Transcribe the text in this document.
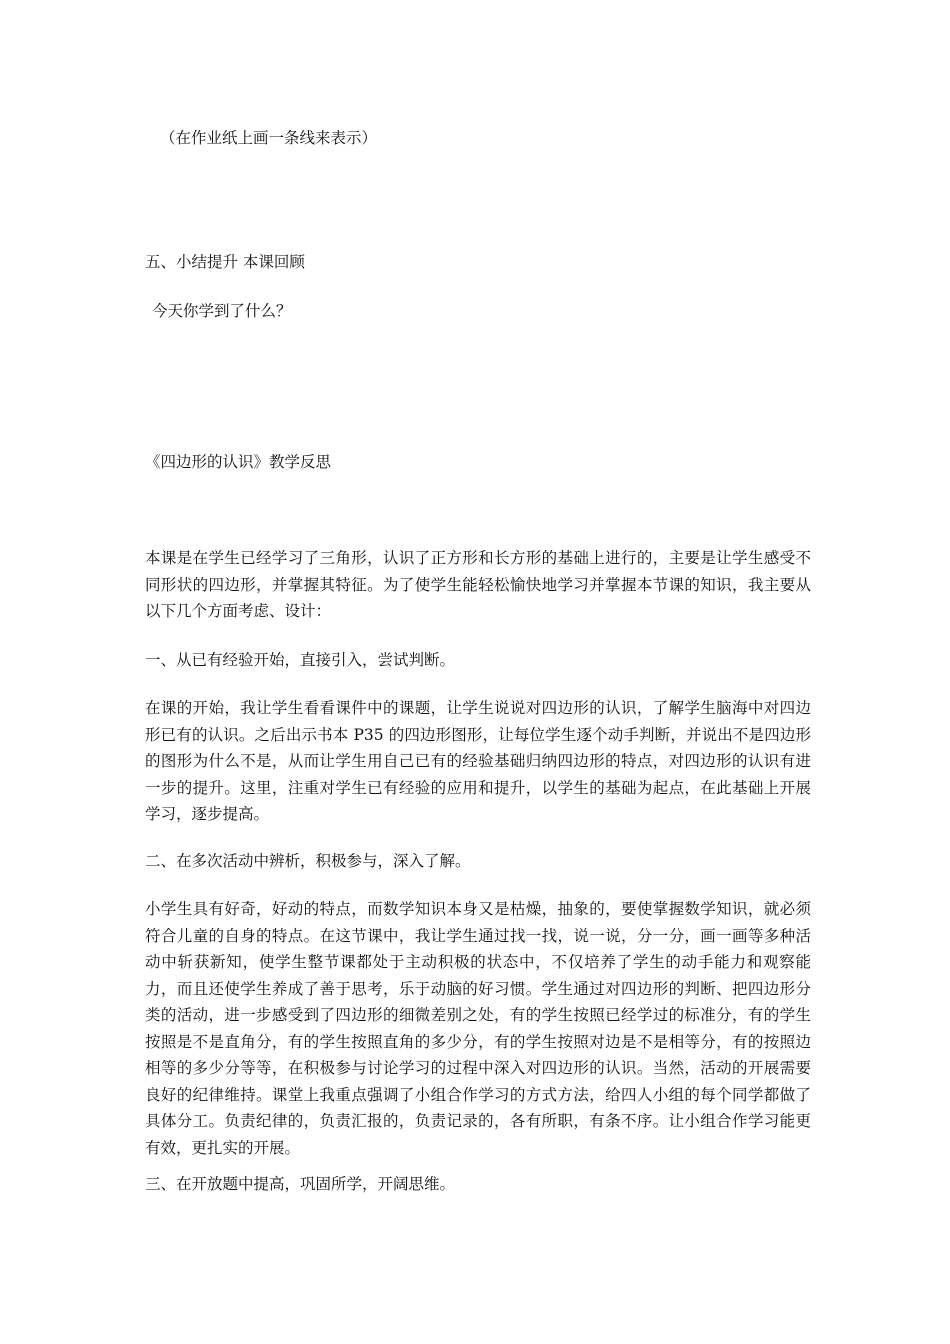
（在作业纸上画一条线来表示）

五、小结提升 本课回顾

今天你学到了什么？

《四边形的认识》教学反思

本课是在学生已经学习了三角形，认识了正方形和长方形的基础上进行的，主要是让学生感受不同形状的四边形，并掌握其特征。为了使学生能轻松愉快地学习并掌握本节课的知识，我主要从以下几个方面考虑、设计：

一、从已有经验开始，直接引入，尝试判断。

在课的开始，我让学生看看课件中的课题，让学生说说对四边形的认识，了解学生脑海中对四边形已有的认识。之后出示书本 P35 的四边形图形，让每位学生逐个动手判断，并说出不是四边形的图形为什么不是，从而让学生用自己已有的经验基础归纳四边形的特点，对四边形的认识有进一步的提升。这里，注重对学生已有经验的应用和提升，以学生的基础为起点，在此基础上开展学习，逐步提高。

二、在多次活动中辨析，积极参与，深入了解。

小学生具有好奇，好动的特点，而数学知识本身又是枯燥，抽象的，要使掌握数学知识，就必须符合儿童的自身的特点。在这节课中，我让学生通过找一找，说一说，分一分，画一画等多种活动中斩获新知，使学生整节课都处于主动积极的状态中，不仅培养了学生的动手能力和观察能力，而且还使学生养成了善于思考，乐于动脑的好习惯。学生通过对四边形的判断、把四边形分类的活动，进一步感受到了四边形的细微差别之处，有的学生按照已经学过的标准分，有的学生按照是不是直角分，有的学生按照直角的多少分，有的学生按照对边是不是相等分，有的按照边相等的多少分等等，在积极参与讨论学习的过程中深入对四边形的认识。当然，活动的开展需要良好的纪律维持。课堂上我重点强调了小组合作学习的方式方法，给四人小组的每个同学都做了具体分工。负责纪律的，负责汇报的，负责记录的，各有所职，有条不序。让小组合作学习能更有效，更扎实的开展。

三、在开放题中提高，巩固所学，开阔思维。
